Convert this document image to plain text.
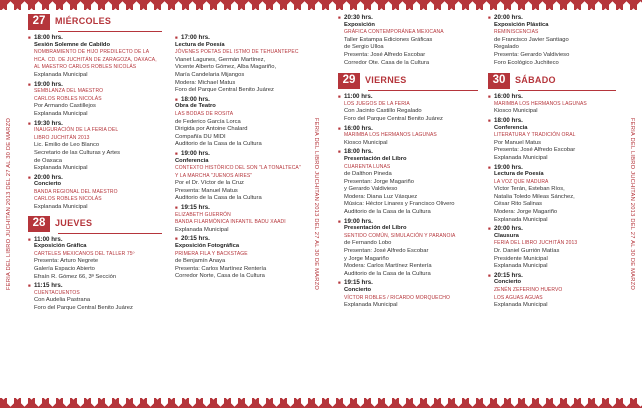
FERIA DEL LIBRO JUCHITAN 2013 DEL 27 AL 30 DE MARZO	FERIA DEL LIBRO JUCHITAN 2013 DEL 27 AL 30 DE MARZO	FERIA DEL LIBRO JUCHITAN 2013 DEL 27 AL 30 DE MARZO
27	MIÉRCOLES
■ 18:00 hrs.
Sesión Solemne de Cabildo
NOMBRAMIENTO DE HIJO PREDILECTO DE LA
HCA. CD. DE JUCHITÁN DE ZARAGOZA, OAXACA,
AL MAESTRO CARLOS ROBLES NICOLÁS
Explanada Municipal
■ 19:00 hrs.
SEMBLANZA DEL MAESTRO
CARLOS ROBLES NICOLÁS
Por Armando Castillejos
Explanada Municipal
■ 19:30 hrs.
INAUGURACIÓN DE LA FERIA DEL
LIBRO JUCHITÁN 2013
Lic. Emilio de Leo Blanco
Secretario de las Culturas y Artes
de Oaxaca
Explanada Municipal
■ 20:00 hrs.
Concierto
BANDA REGIONAL DEL MAESTRO
CARLOS ROBLES NICOLÁS
Explanada Municipal
28	JUEVES
■ 11:00 hrs.
Exposición Gráfica
CARTELES MEXICANOS DEL TALLER 75º
Presenta: Arturo Negrete
Galería Espacio Abierto
Efraín R. Gómez 66, 3ª Sección
■ 11:15 hrs.
CUENTACUENTOS
Con Audelia Pastrana
Foro del Parque Central Benito Juárez
■ 17:00 hrs.
Lectura de Poesía
JÓVENES POETAS DEL ISTMO DE TEHUANTEPEC
Vianet Lagunes, Germán Martínez,
Vicente Alberto Gómez, Alba Magariño,
María Candelaria Mijangos
Modera: Michael Matus
Foro del Parque Central Benito Juárez
■ 18:00 hrs.
Obra de Teatro
LAS BODAS DE ROSITA
de Federico García Lorca
Dirigida por Antoine Chalard
Compañía DU MIDI
Auditorio de la Casa de la Cultura
■ 19:00 hrs.
Conferencia
CONTEXTO HISTÓRICO DEL SON "LA TONALTECA"
Y LA MARCHA "JUENOS AIRES"
Por el Dr. Víctor de la Cruz
Presenta: Manuel Matus
Auditorio de la Casa de la Cultura
■ 19:15 hrs.
ELIZABETH GUERRÓN
BANDA FILARMÓNICA INFANTIL BADU XAADI
Explanada Municipal
■ 20:15 hrs.
Exposición Fotográfica
PRIMERA FILA Y BACKSTAGE
de Benjamín Anaya
Presenta: Carlos Martínez Rentería
Corredor Norte, Casa de la Cultura
■ 20:30 hrs.
Exposición
GRÁFICA CONTEMPORÁNEA MEXICANA
Taller Estampa Ediciones Gráficas
de Sergio Ulloa
Presenta: José Alfredo Escobar
Corredor Ote. Casa de la Cultura
29	VIERNES
■ 11:00 hrs.
LOS JUEGOS DE LA FERIA
Con Jacinto Castillo Regalado
Foro del Parque Central Benito Juárez
■ 16:00 hrs.
MARIMBA LOS HERMANOS LAGUNAS
Kiosco Municipal
■ 18:00 hrs.
Presentación del Libro
CUARENTA LUNAS
de Dalthon Pineda
Presentan: Jorge Magariño
y Gerardo Valdivieso
Modera: Diana Luz Vásquez
Música: Héctor Linares y Francisco Olivero
Auditorio de la Casa de la Cultura
■ 19:00 hrs.
Presentación del Libro
SENTIDO COMÚN, SIMULACIÓN Y PARANOIA
de Fernando Lobo
Presentan: José Alfredo Escobar
y Jorge Magariño
Modera: Carlos Martínez Rentería
Auditorio de la Casa de la Cultura
■ 19:15 hrs.
Concierto
VÍCTOR ROBLES / RICARDO MORQUECHO
Explanada Municipal
■ 20:00 hrs.
Exposición Plástica
REMINISCENCIAS
de Francisco Javier Santiago
Regalado
Presenta: Gerardo Valdivieso
Foro Ecológico Juchiteco
30	SÁBADO
■ 16:00 hrs.
MARIMBA LOS HERMANOS LAGUNAS
Kiosco Municipal
■ 18:00 hrs.
Conferencia
LITERATURA Y TRADICIÓN ORAL
Por Manuel Matus
Presenta: José Alfredo Escobar
Explanada Municipal
■ 19:00 hrs.
Lectura de Poesía
LA VOZ QUE MADURA
Víctor Terán, Esteban Ríos,
Natalia Toledo Mileas Sánchez,
César Rito Salinas
Modera: Jorge Magariño
Explanada Municipal
■ 20:00 hrs.
Clausura
FERIA DEL LIBRO JUCHITÁN 2013
Dr. Daniel Gurrión Matías
Presidente Municipal
Explanada Municipal
■ 20:15 hrs.
Concierto
ZENÉN ZEFERINO HUERVO
LOS AGUAS AGUAS
Explanada Municipal
